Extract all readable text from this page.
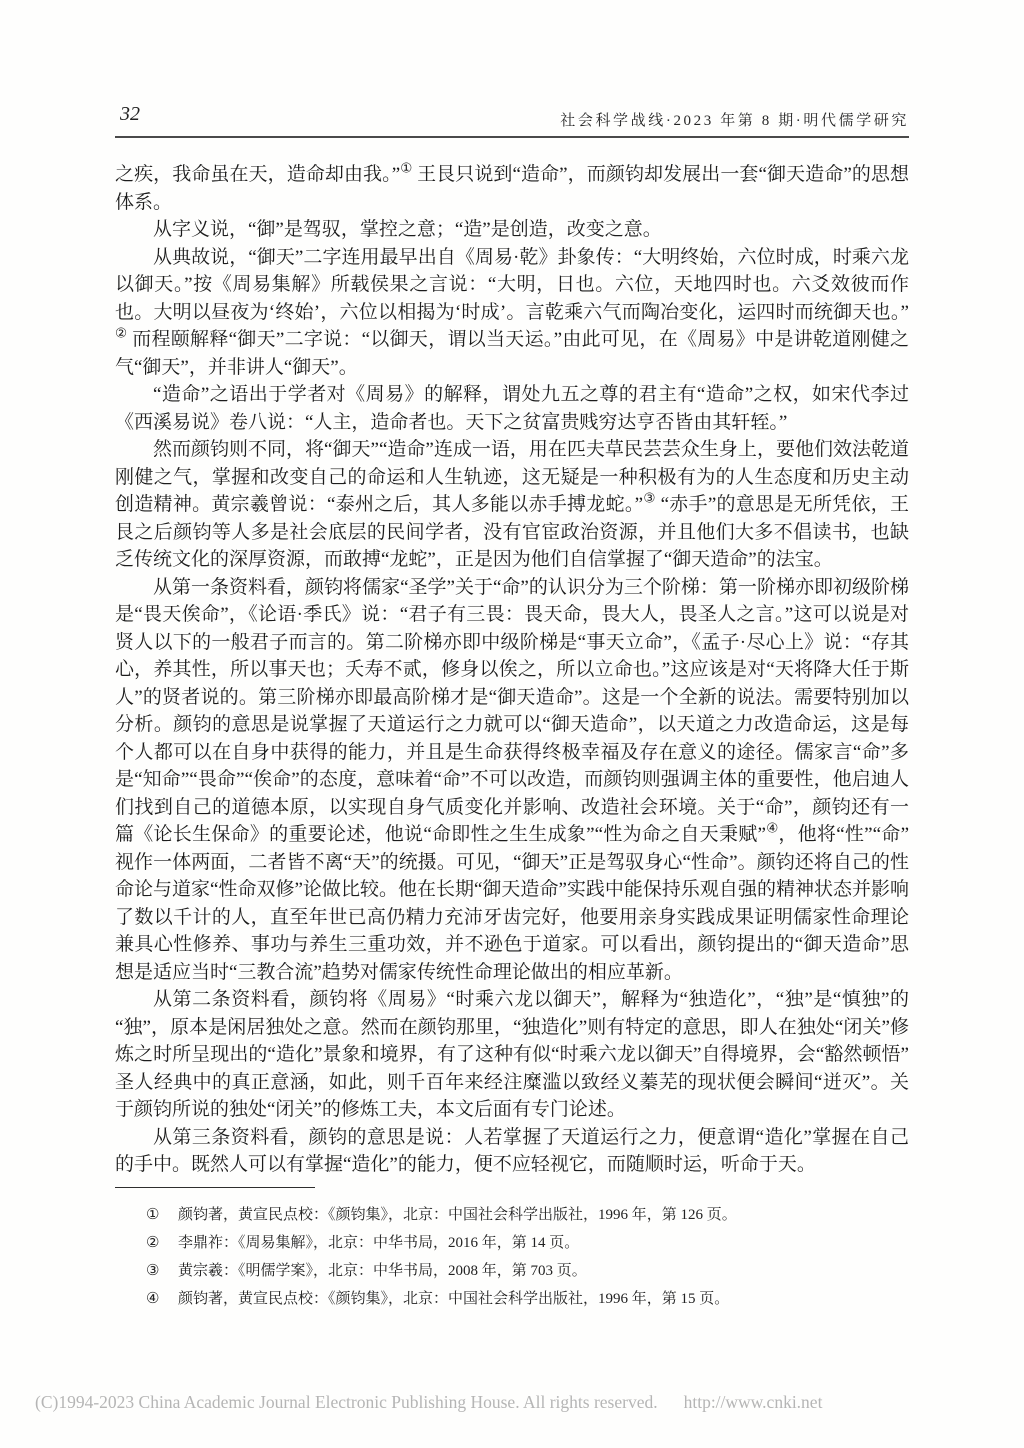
32	社会科学战线·2023 年第 8 期·明代儒学研究

之疾，我命虽在天，造命却由我。”① 王艮只说到“造命”，而颜钧却发展出一套“御天造命”的思想体系。

从字义说，“御”是驾驭，掌控之意；“造”是创造，改变之意。

从典故说，“御天”二字连用最早出自《周易·乾》卦象传：“大明终始，六位时成，时乘六龙以御天。”按《周易集解》所载侯果之言说：“大明，日也。六位，天地四时也。六爻效彼而作也。大明以昼夜为‘终始’，六位以相揭为‘时成’。言乾乘六气而陶冶变化，运四时而统御天也。”② 而程颐解释“御天”二字说：“以御天，谓以当天运。”由此可见，在《周易》中是讲乾道刚健之气“御天”，并非讲人“御天”。

“造命”之语出于学者对《周易》的解释，谓处九五之尊的君主有“造命”之权，如宋代李过《西溪易说》卷八说：“人主，造命者也。天下之贫富贵贱穷达亨否皆由其轩轾。”

然而颜钧则不同，将“御天”“造命”连成一语，用在匹夫草民芸芸众生身上，要他们效法乾道刚健之气，掌握和改变自己的命运和人生轨迹，这无疑是一种积极有为的人生态度和历史主动创造精神。黄宗羲曾说：“泰州之后，其人多能以赤手搏龙蛇。”③ “赤手”的意思是无所凭依，王艮之后颜钧等人多是社会底层的民间学者，没有官宦政治资源，并且他们大多不倡读书，也缺乏传统文化的深厚资源，而敢搏“龙蛇”，正是因为他们自信掌握了“御天造命”的法宝。

从第一条资料看，颜钧将儒家“圣学”关于“命”的认识分为三个阶梯：第一阶梯亦即初级阶梯是“畏天俟命”，《论语·季氏》说：“君子有三畏：畏天命，畏大人，畏圣人之言。”这可以说是对贤人以下的一般君子而言的。第二阶梯亦即中级阶梯是“事天立命”，《孟子·尽心上》说：“存其心，养其性，所以事天也；夭寿不贰，修身以俟之，所以立命也。”这应该是对“天将降大任于斯人”的贤者说的。第三阶梯亦即最高阶梯才是“御天造命”。这是一个全新的说法。需要特别加以分析。颜钧的意思是说掌握了天道运行之力就可以“御天造命”，以天道之力改造命运，这是每个人都可以在自身中获得的能力，并且是生命获得终极幸福及存在意义的途径。儒家言“命”多是“知命”“畏命”“俟命”的态度，意味着“命”不可以改造，而颜钧则强调主体的重要性，他启迪人们找到自己的道德本原，以实现自身气质变化并影响、改造社会环境。关于“命”，颜钧还有一篇《论长生保命》的重要论述，他说“命即性之生生成象”“性为命之自天秉赋”④，他将“性”“命”视作一体两面，二者皆不离“天”的统摄。可见，“御天”正是驾驭身心“性命”。颜钧还将自己的性命论与道家“性命双修”论做比较。他在长期“御天造命”实践中能保持乐观自强的精神状态并影响了数以千计的人，直至年世已高仍精力充沛牙齿完好，他要用亲身实践成果证明儒家性命理论兼具心性修养、事功与养生三重功效，并不逊色于道家。可以看出，颜钧提出的“御天造命”思想是适应当时“三教合流”趋势对儒家传统性命理论做出的相应革新。

从第二条资料看，颜钧将《周易》“时乘六龙以御天”，解释为“独造化”，“独”是“慎独”的“独”，原本是闲居独处之意。然而在颜钧那里，“独造化”则有特定的意思，即人在独处“闭关”修炼之时所呈现出的“造化”景象和境界，有了这种有似“时乘六龙以御天”自得境界，会“豁然顿悟”圣人经典中的真正意涵，如此，则千百年来经注糜滥以致经义蓁芜的现状便会瞬间“迸灭”。关于颜钧所说的独处“闭关”的修炼工夫，本文后面有专门论述。

从第三条资料看，颜钧的意思是说：人若掌握了天道运行之力，便意谓“造化”掌握在自己的手中。既然人可以有掌握“造化”的能力，便不应轻视它，而随顺时运，听命于天。

①	颜钧著，黄宣民点校：《颜钧集》，北京：中国社会科学出版社，1996 年，第 126 页。
②	李鼎祚：《周易集解》，北京：中华书局，2016 年，第 14 页。
③	黄宗羲：《明儒学案》，北京：中华书局，2008 年，第 703 页。
④	颜钧著，黄宣民点校：《颜钧集》，北京：中国社会科学出版社，1996 年，第 15 页。
(C)1994-2023 China Academic Journal Electronic Publishing House. All rights reserved. http://www.cnki.net
